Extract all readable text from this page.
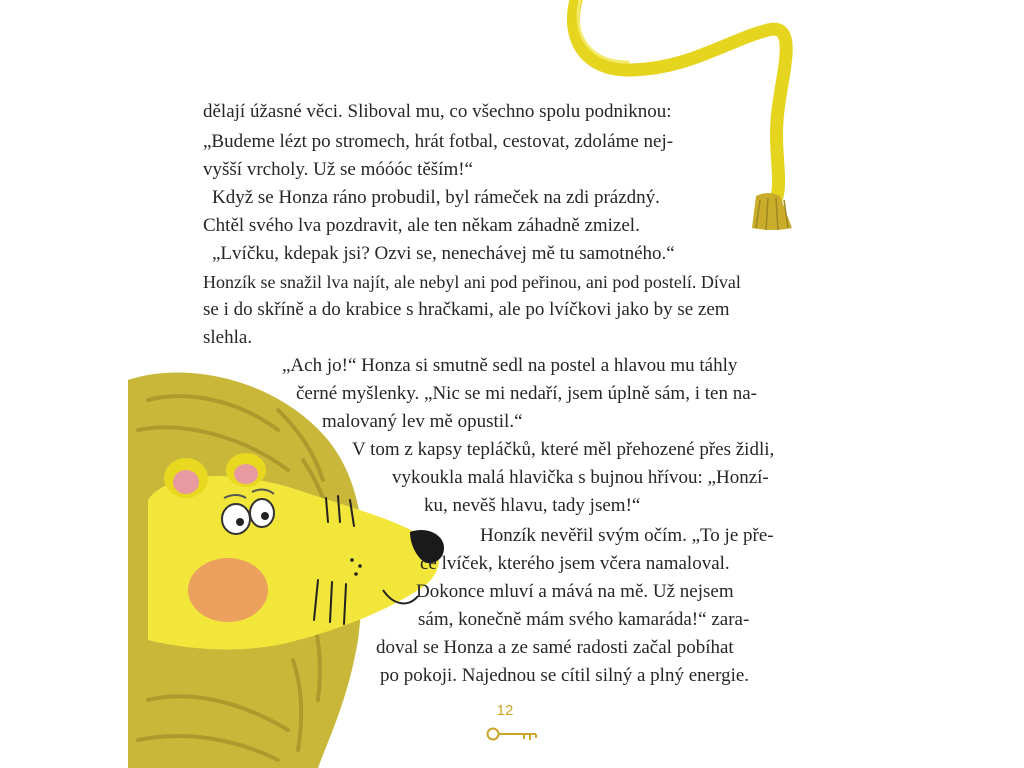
dělají úžasné věci. Sliboval mu, co všechno spolu podniknou:
„Budeme lézt po stromech, hrát fotbal, cestovat, zdoláme nej-
vyšší vrcholy. Už se móóóc těším!“
Když se Honza ráno probudil, byl rámeček na zdi prázdný.
Chtěl svého lva pozdravit, ale ten někam záhadně zmizel.
„Lvíčku, kdepak jsi? Ozvi se, nenechávej mě tu samotného.“
Honzík se snažil lva najít, ale nebyl ani pod peřinou, ani pod postelí. Díval
se i do skříně a do krabice s hračkami, ale po lvíčkovi jako by se zem
slehla.
„Ach jo!“ Honza si smutně sedl na postel a hlavou mu táhly
černé myšlenky. „Nic se mi nedaří, jsem úplně sám, i ten na-
malovaný lev mě opustil.“
V tom z kapsy tepláčků, které měl přehozené přes židli,
vykoukla malá hlavička s bujnou hřívou: „Honzí-
ku, nevěš hlavu, tady jsem!“
Honzík nevěřil svým očím. „To je pře-
ce lvíček, kterého jsem včera namaloval.
Dokonce mluví a mává na mě. Už nejsem
sám, konečně mám svého kamaráda!“ zara-
doval se Honza a ze samé radosti začal pobíhat
po pokoji. Najednou se cítil silný a plný energie.
12
